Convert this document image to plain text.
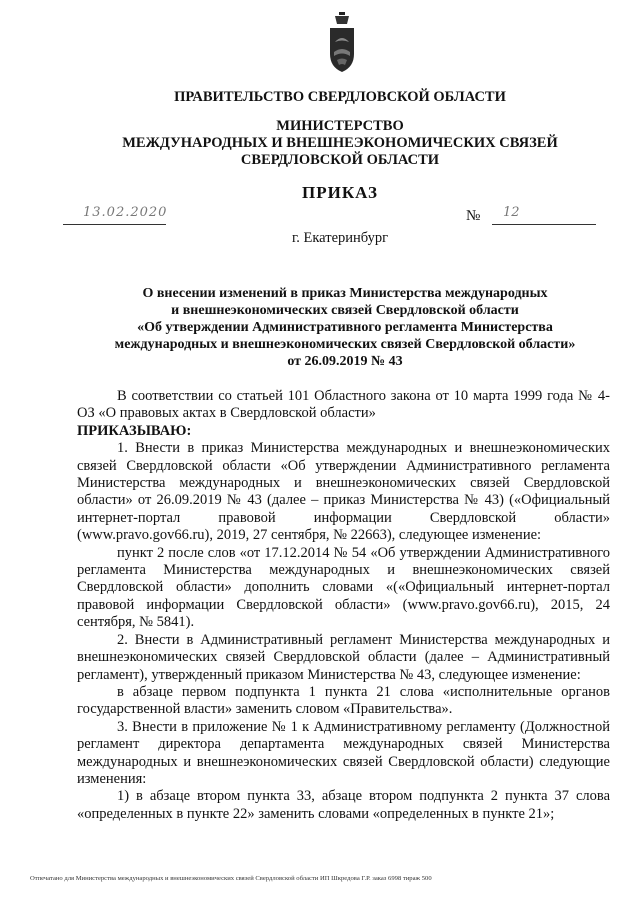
ПРАВИТЕЛЬСТВО СВЕРДЛОВСКОЙ ОБЛАСТИ
МИНИСТЕРСТВО
МЕЖДУНАРОДНЫХ И ВНЕШНЕЭКОНОМИЧЕСКИХ СВЯЗЕЙ
СВЕРДЛОВСКОЙ ОБЛАСТИ
ПРИКАЗ
13.02.2020	№ 12
г. Екатеринбург
О внесении изменений в приказ Министерства международных
и внешнеэкономических связей Свердловской области
«Об утверждении Административного регламента Министерства
международных и внешнеэкономических связей Свердловской области»
от 26.09.2019 № 43

В соответствии со статьей 101 Областного закона от 10 марта 1999 года № 4-ОЗ «О правовых актах в Свердловской области»

ПРИКАЗЫВАЮ:

1. Внести в приказ Министерства международных и внешнеэкономических связей Свердловской области «Об утверждении Административного регламента Министерства международных и внешнеэкономических связей Свердловской области» от 26.09.2019 № 43 (далее – приказ Министерства № 43) («Официальный интернет-портал правовой информации Свердловской области» (www.pravo.gov66.ru), 2019, 27 сентября, № 22663), следующее изменение:

пункт 2 после слов «от 17.12.2014 № 54 «Об утверждении Административного регламента Министерства международных и внешнеэкономических связей Свердловской области» дополнить словами «(«Официальный интернет-портал правовой информации Свердловской области» (www.pravo.gov66.ru), 2015, 24 сентября, № 5841).

2. Внести в Административный регламент Министерства международных и внешнеэкономических связей Свердловской области (далее – Административный регламент), утвержденный приказом Министерства № 43, следующее изменение:

в абзаце первом подпункта 1 пункта 21 слова «исполнительные органов государственной власти» заменить словом «Правительства».

3. Внести в приложение № 1 к Административному регламенту (Должностной регламент директора департамента международных связей Министерства международных и внешнеэкономических связей Свердловской области) следующие изменения:

1) в абзаце втором пункта 33, абзаце втором подпункта 2 пункта 37 слова «определенных в пункте 22» заменить словами «определенных в пункте 21»;

Отпечатано для Министерства международных и внешнеэкономических связей Свердловской области ИП Шкредова Г.Р. заказ 6998 тираж 500
